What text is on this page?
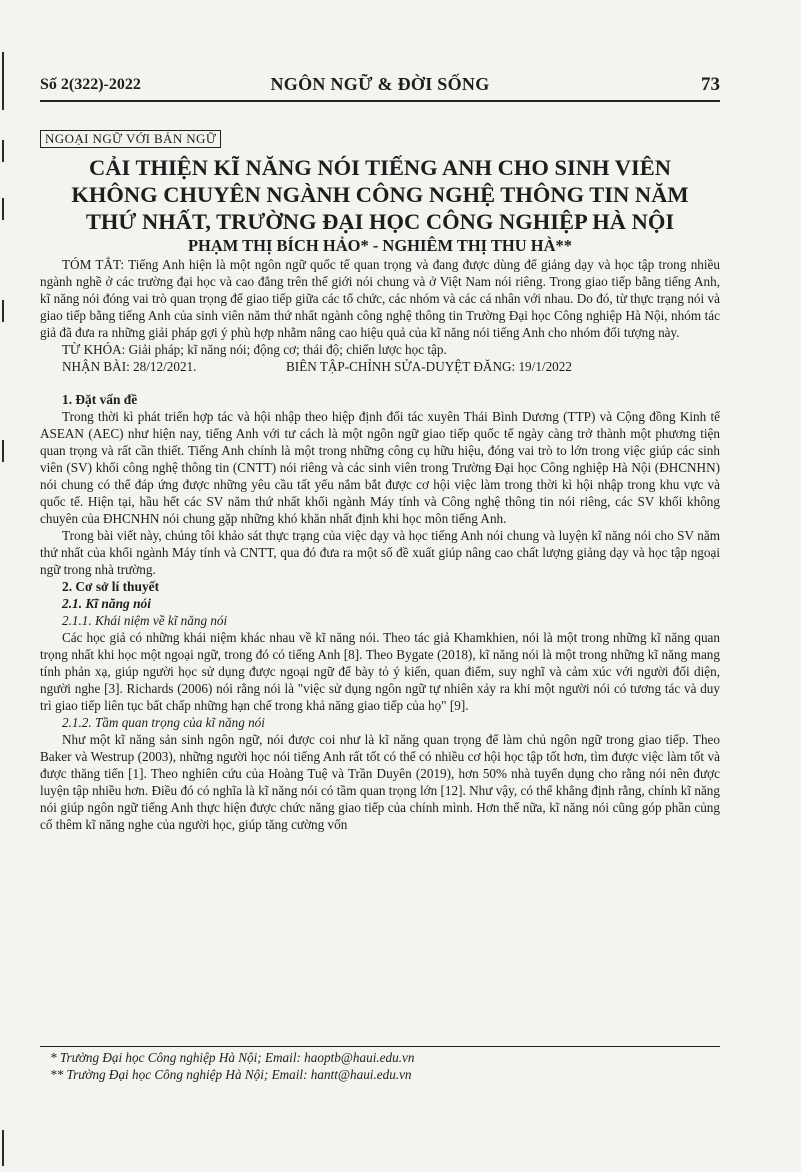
Số 2(322)-2022	NGÔN NGỮ & ĐỜI SỐNG	73
NGOẠI NGỮ VỚI BẢN NGỮ
CẢI THIỆN KĨ NĂNG NÓI TIẾNG ANH CHO SINH VIÊN
KHÔNG CHUYÊN NGÀNH CÔNG NGHỆ THÔNG TIN NĂM
THỨ NHẤT, TRƯỜNG ĐẠI HỌC CÔNG NGHIỆP HÀ NỘI
PHẠM THỊ BÍCH HẢO* - NGHIÊM THỊ THU HÀ**

TÓM TẮT: Tiếng Anh hiện là một ngôn ngữ quốc tế quan trọng và đang được dùng để giảng dạy và học tập trong nhiều ngành nghề ở các trường đại học và cao đẳng trên thế giới nói chung và ở Việt Nam nói riêng. Trong giao tiếp bằng tiếng Anh, kĩ năng nói đóng vai trò quan trọng để giao tiếp giữa các tổ chức, các nhóm và các cá nhân với nhau. Do đó, từ thực trạng nói và giao tiếp bằng tiếng Anh của sinh viên năm thứ nhất ngành công nghệ thông tin Trường Đại học Công nghiệp Hà Nội, nhóm tác giả đã đưa ra những giải pháp gợi ý phù hợp nhằm nâng cao hiệu quả của kĩ năng nói tiếng Anh cho nhóm đối tượng này.

TỪ KHÓA: Giải pháp; kĩ năng nói; động cơ; thái độ; chiến lược học tập.

NHẬN BÀI: 28/12/2021.	BIÊN TẬP-CHỈNH SỬA-DUYỆT ĐĂNG: 19/1/2022
1. Đặt vấn đề

Trong thời kì phát triển hợp tác và hội nhập theo hiệp định đối tác xuyên Thái Bình Dương (TTP) và Cộng đồng Kinh tế ASEAN (AEC) như hiện nay, tiếng Anh với tư cách là một ngôn ngữ giao tiếp quốc tế ngày càng trở thành một phương tiện quan trọng và rất cần thiết. Tiếng Anh chính là một trong những công cụ hữu hiệu, đóng vai trò to lớn trong việc giúp các sinh viên (SV) khối công nghệ thông tin (CNTT) nói riêng và các sinh viên trong Trường Đại học Công nghiệp Hà Nội (ĐHCNHN) nói chung có thể đáp ứng được những yêu cầu tất yếu nắm bắt được cơ hội việc làm trong thời kì hội nhập trong khu vực và quốc tế. Hiện tại, hầu hết các SV năm thứ nhất khối ngành Máy tính và Công nghệ thông tin nói riêng, các SV khối không chuyên của ĐHCNHN nói chung gặp những khó khăn nhất định khi học môn tiếng Anh.

Trong bài viết này, chúng tôi khảo sát thực trạng của việc dạy và học tiếng Anh nói chung và luyện kĩ năng nói cho SV năm thứ nhất của khối ngành Máy tính và CNTT, qua đó đưa ra một số đề xuất giúp nâng cao chất lượng giảng dạy và học tập ngoại ngữ trong nhà trường.

2. Cơ sở lí thuyết
2.1. Kĩ năng nói
2.1.1. Khái niệm về kĩ năng nói

Các học giả có những khái niệm khác nhau về kĩ năng nói. Theo tác giả Khamkhien, nói là một trong những kĩ năng quan trọng nhất khi học một ngoại ngữ, trong đó có tiếng Anh [8]. Theo Bygate (2018), kĩ năng nói là một trong những kĩ năng mang tính phản xạ, giúp người học sử dụng được ngoại ngữ để bày tỏ ý kiến, quan điểm, suy nghĩ và cảm xúc với người đối diện, người nghe [3]. Richards (2006) nói rằng nói là "việc sử dụng ngôn ngữ tự nhiên xảy ra khi một người nói có tương tác và duy trì giao tiếp liên tục bất chấp những hạn chế trong khả năng giao tiếp của họ" [9].

2.1.2. Tầm quan trọng của kĩ năng nói

Như một kĩ năng sản sinh ngôn ngữ, nói được coi như là kĩ năng quan trọng để làm chủ ngôn ngữ trong giao tiếp. Theo Baker và Westrup (2003), những người học nói tiếng Anh rất tốt có thể có nhiều cơ hội học tập tốt hơn, tìm được việc làm tốt và được thăng tiến [1]. Theo nghiên cứu của Hoàng Tuệ và Trần Duyên (2019), hơn 50% nhà tuyển dụng cho rằng nói nên được luyện tập nhiều hơn. Điều đó có nghĩa là kĩ năng nói có tầm quan trọng lớn [12]. Như vậy, có thể khẳng định rằng, chính kĩ năng nói giúp ngôn ngữ tiếng Anh thực hiện được chức năng giao tiếp của chính mình. Hơn thế nữa, kĩ năng nói cũng góp phần củng cố thêm kĩ năng nghe của người học, giúp tăng cường vốn

* Trường Đại học Công nghiệp Hà Nội; Email: haoptb@haui.edu.vn

** Trường Đại học Công nghiệp Hà Nội; Email: hantt@haui.edu.vn
